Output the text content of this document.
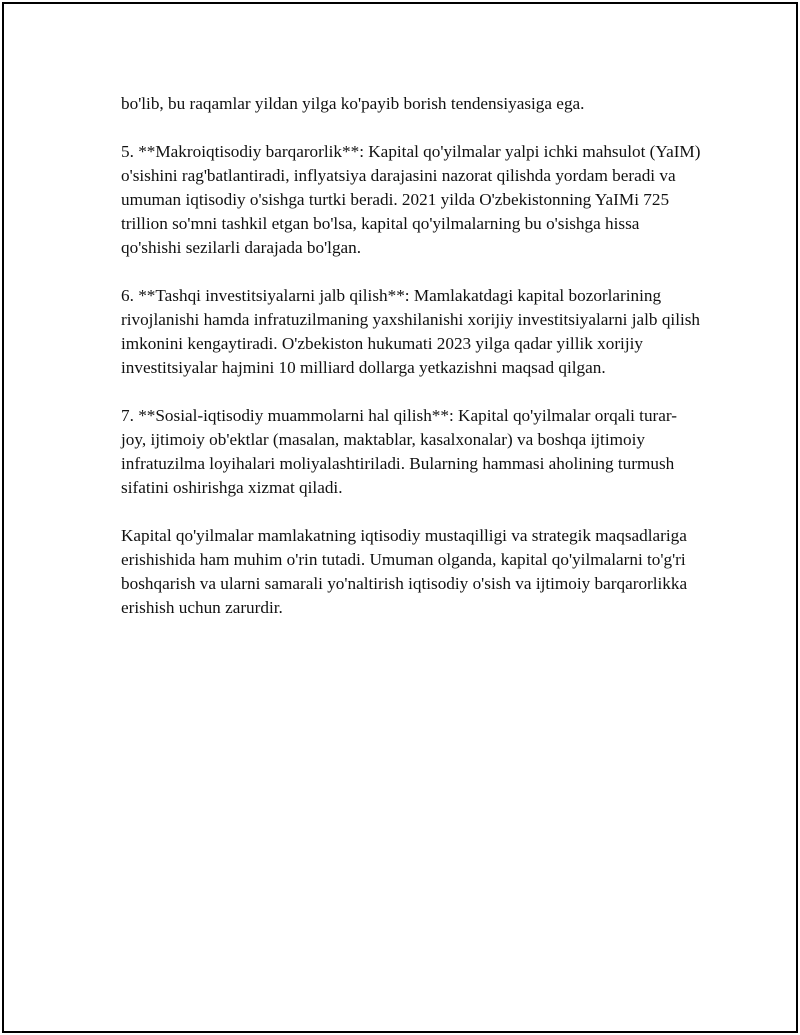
bo'lib, bu raqamlar yildan yilga ko'payib borish tendensiyasiga ega.

5. **Makroiqtisodiy barqarorlik**: Kapital qo'yilmalar yalpi ichki mahsulot (YaIM) o'sishini rag'batlantiradi, inflyatsiya darajasini nazorat qilishda yordam beradi va umuman iqtisodiy o'sishga turtki beradi. 2021 yilda O'zbekistonning YaIMi 725 trillion so'mni tashkil etgan bo'lsa, kapital qo'yilmalarning bu o'sishga hissa qo'shishi sezilarli darajada bo'lgan.

6. **Tashqi investitsiyalarni jalb qilish**: Mamlakatdagi kapital bozorlarining rivojlanishi hamda infratuzilmaning yaxshilanishi xorijiy investitsiyalarni jalb qilish imkonini kengaytiradi. O'zbekiston hukumati 2023 yilga qadar yillik xorijiy investitsiyalar hajmini 10 milliard dollarga yetkazishni maqsad qilgan.

7. **Sosial-iqtisodiy muammolarni hal qilish**: Kapital qo'yilmalar orqali turar-joy, ijtimoiy ob'ektlar (masalan, maktablar, kasalxonalar) va boshqa ijtimoiy infratuzilma loyihalari moliyalashtiriladi. Bularning hammasi aholining turmush sifatini oshirishga xizmat qiladi.

Kapital qo'yilmalar mamlakatning iqtisodiy mustaqilligi va strategik maqsadlariga erishishida ham muhim o'rin tutadi. Umuman olganda, kapital qo'yilmalarni to'g'ri boshqarish va ularni samarali yo'naltirish iqtisodiy o'sish va ijtimoiy barqarorlikka erishish uchun zarurdir.
